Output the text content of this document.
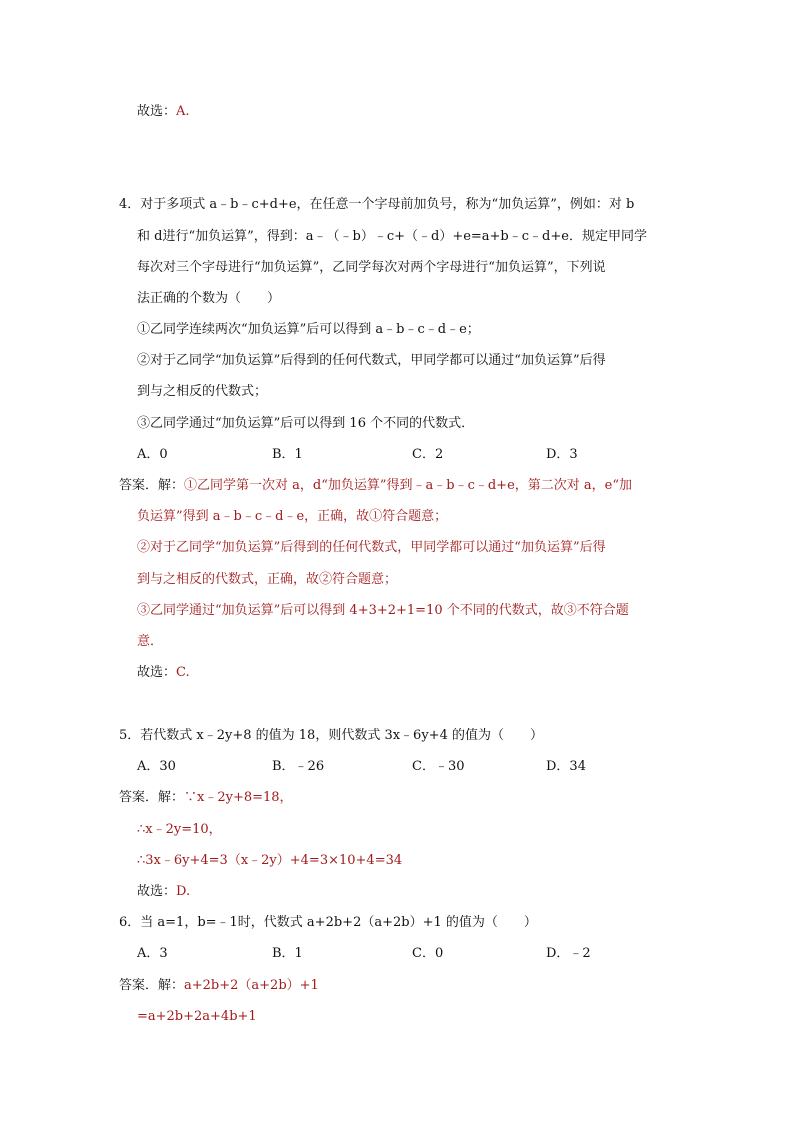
故选：A.
4．对于多项式 a﹣b﹣c+d+e，在任意一个字母前加负号，称为“加负运算”，例如：对 b
和 d进行“加负运算”，得到：a﹣（﹣b）﹣c+（﹣d）+e=a+b﹣c﹣d+e．规定甲同学
每次对三个字母进行“加负运算”，乙同学每次对两个字母进行“加负运算”，下列说
法正确的个数为（　　）
①乙同学连续两次“加负运算”后可以得到 a﹣b﹣c﹣d﹣e；
②对于乙同学“加负运算”后得到的任何代数式，甲同学都可以通过“加负运算”后得
到与之相反的代数式；
③乙同学通过“加负运算”后可以得到 16 个不同的代数式．
A．0	B．1	C．2	D．3
答案．解：①乙同学第一次对 a，d“加负运算”得到﹣a﹣b﹣c﹣d+e，第二次对 a，e“加
负运算”得到 a﹣b﹣c﹣d﹣e，正确，故①符合题意；
②对于乙同学“加负运算”后得到的任何代数式，甲同学都可以通过“加负运算”后得
到与之相反的代数式，正确，故②符合题意；
③乙同学通过“加负运算”后可以得到 4+3+2+1=10 个不同的代数式，故③不符合题
意．
故选：C.
5．若代数式 x﹣2y+8 的值为 18，则代数式 3x﹣6y+4 的值为（　　）
A．30	B．﹣26	C．﹣30	D．34
答案．解：∵x﹣2y+8=18，
∴x﹣2y=10，
∴3x﹣6y+4=3（x﹣2y）+4=3×10+4=34
故选：D.
6．当 a=1，b=﹣1时，代数式 a+2b+2（a+2b）+1 的值为（　　）
A．3	B．1	C．0	D．﹣2
答案．解：a+2b+2（a+2b）+1
=a+2b+2a+4b+1
